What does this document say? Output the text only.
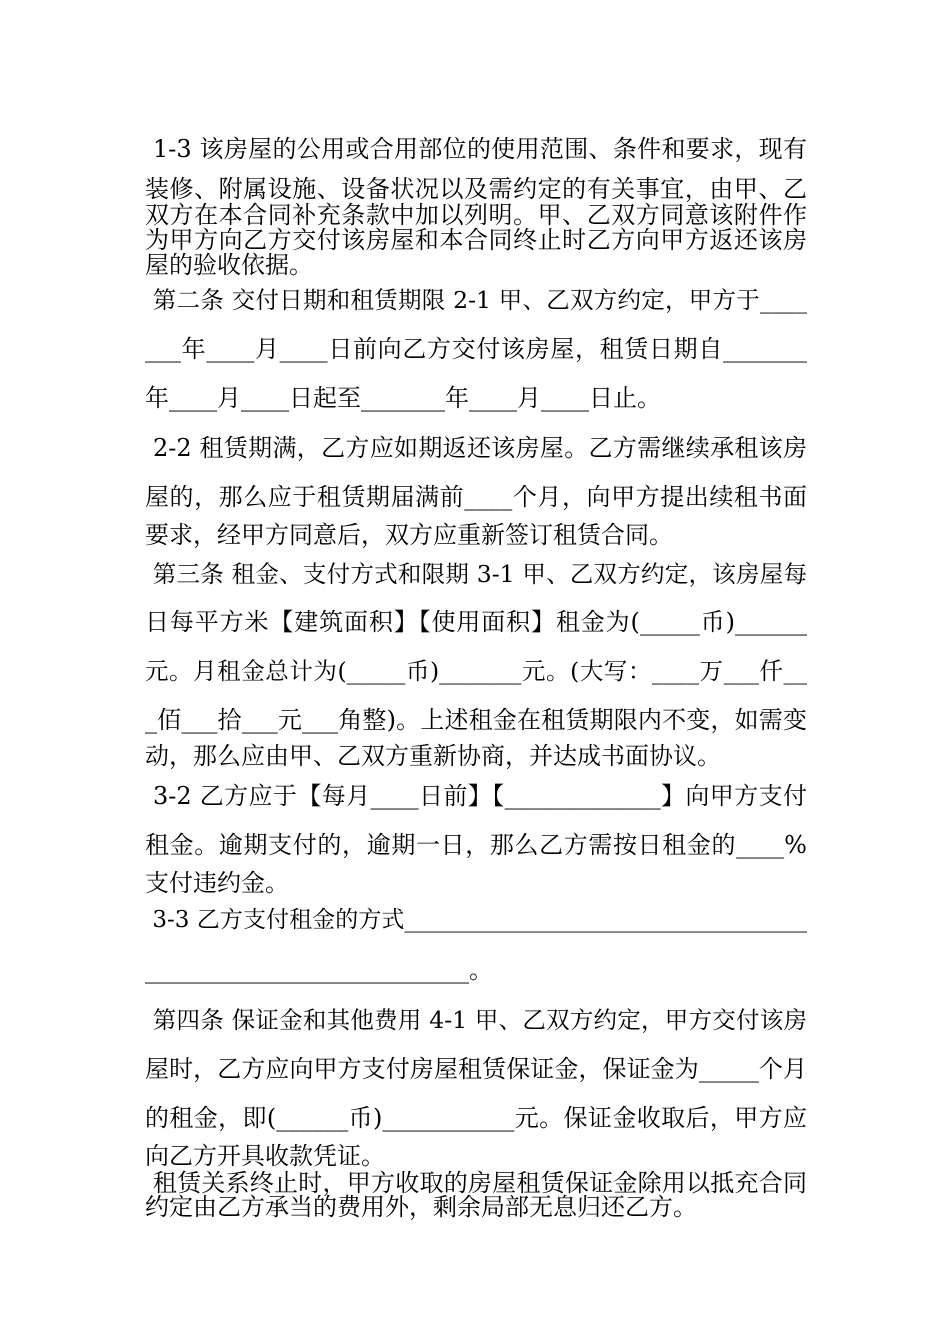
1-3 该房屋的公用或合用部位的使用范围、条件和要求，现有
装修、附属设施、设备状况以及需约定的有关事宜，由甲、乙
双方在本合同补充条款中加以列明。甲、乙双方同意该附件作
为甲方向乙方交付该房屋和本合同终止时乙方向甲方返还该房
屋的验收依据。
第二条 交付日期和租赁期限 2-1 甲、乙双方约定，甲方于____
___年____月____日前向乙方交付该房屋，租赁日期自_______
年____月____日起至_______年____月____日止。
2-2 租赁期满，乙方应如期返还该房屋。乙方需继续承租该房
屋的，那么应于租赁期届满前____个月，向甲方提出续租书面
要求，经甲方同意后，双方应重新签订租赁合同。
第三条 租金、支付方式和限期 3-1 甲、乙双方约定，该房屋每
日每平方米【建筑面积】【使用面积】租金为(_____币)______
元。月租金总计为(_____币)_______元。(大写：____万___仟__
_佰___拾___元___角整)。上述租金在租赁期限内不变，如需变
动，那么应由甲、乙双方重新协商，并达成书面协议。
3-2 乙方应于【每月____日前】【_____________】向甲方支付
租金。逾期支付的，逾期一日，那么乙方需按日租金的____%
支付违约金。
3-3 乙方支付租金的方式___________________________________
___________________________。
第四条 保证金和其他费用 4-1 甲、乙双方约定，甲方交付该房
屋时，乙方应向甲方支付房屋租赁保证金，保证金为_____个月
的租金，即(______币)___________元。保证金收取后，甲方应
向乙方开具收款凭证。
租赁关系终止时，甲方收取的房屋租赁保证金除用以抵充合同
约定由乙方承当的费用外，剩余局部无息归还乙方。
